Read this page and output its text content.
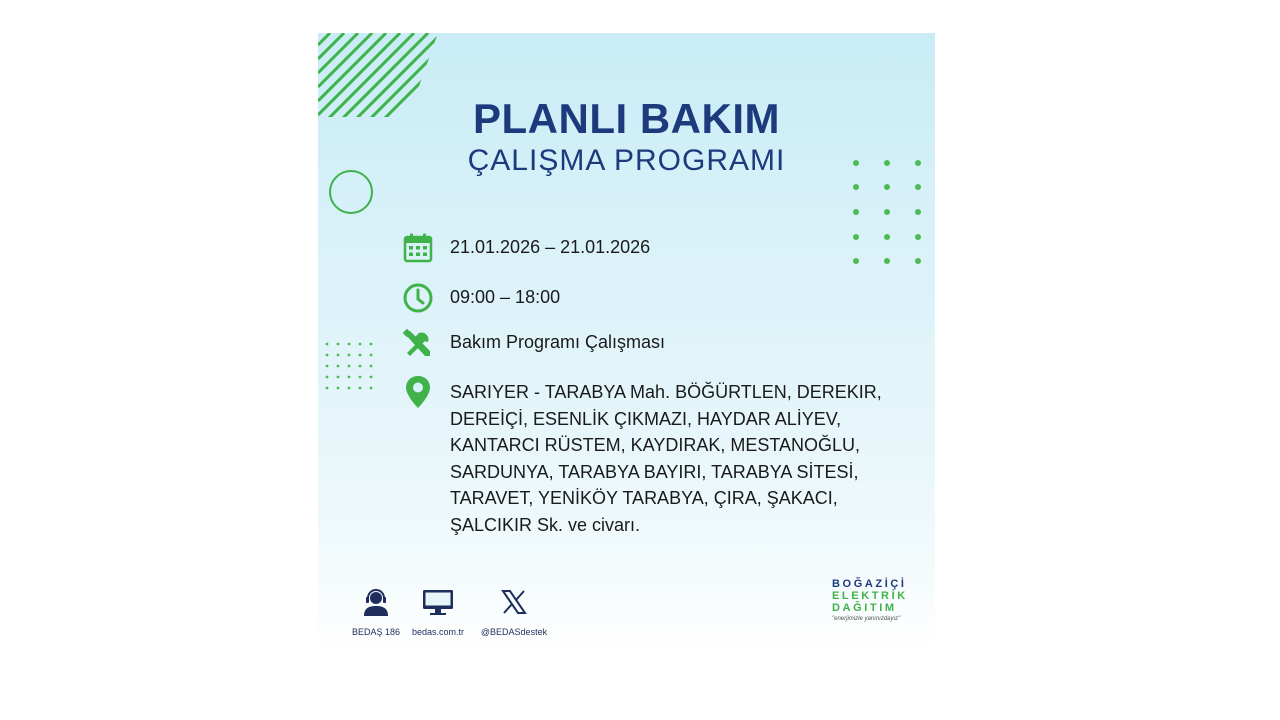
PLANLI BAKIM
ÇALIŞMA PROGRAMI
21.01.2026 – 21.01.2026
09:00 – 18:00
Bakım Programı Çalışması
SARIYER - TARABYA Mah. BÖĞÜRTLEN, DEREKIR, DEREİÇİ, ESENLİK ÇIKMAZI, HAYDAR ALİYEV, KANTARCI RÜSTEM, KAYDIRAK, MESTANOĞLU, SARDUNYA, TARABYA BAYIRI, TARABYA SİTESİ, TARAVET, YENİKÖY TARABYA, ÇIRA, ŞAKACI, ŞALCIKIR Sk. ve civarı.
BEDAŞ 186	bedas.com.tr	@BEDASdestek
BOĞAZİÇİ
ELEKTRİK
DAĞITIM
"enerjimizle yanınızdayız"
